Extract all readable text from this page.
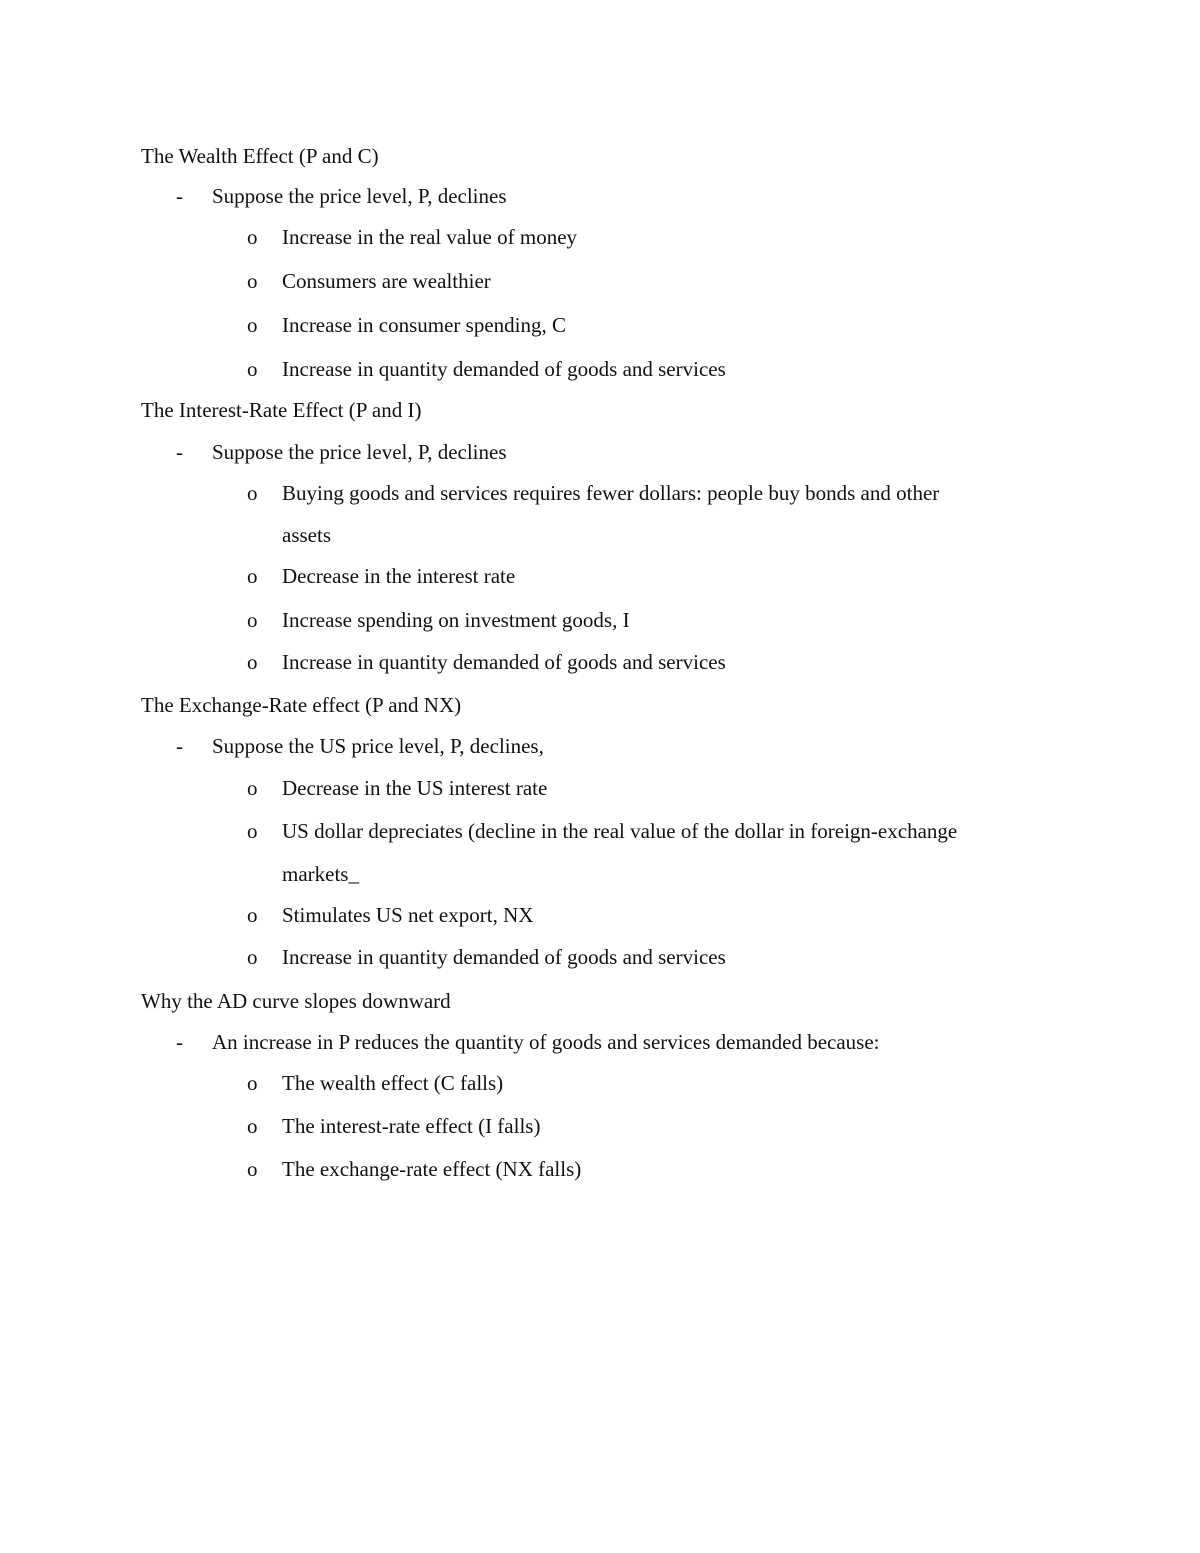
The Wealth Effect (P and C)
-	Suppose the price level, P, declines
o Increase in the real value of money
o Consumers are wealthier
o Increase in consumer spending, C
o Increase in quantity demanded of goods and services
The Interest-Rate Effect (P and I)
-	Suppose the price level, P, declines
o Buying goods and services requires fewer dollars: people buy bonds and other
assets
o Decrease in the interest rate
o Increase spending on investment goods, I
o Increase in quantity demanded of goods and services
The Exchange-Rate effect (P and NX)
-	Suppose the US price level, P, declines,
o Decrease in the US interest rate
o US dollar depreciates (decline in the real value of the dollar in foreign-exchange
markets_
o Stimulates US net export, NX
o Increase in quantity demanded of goods and services
Why the AD curve slopes downward
-	An increase in P reduces the quantity of goods and services demanded because:
o The wealth effect (C falls)
o The interest-rate effect (I falls)
o The exchange-rate effect (NX falls)
